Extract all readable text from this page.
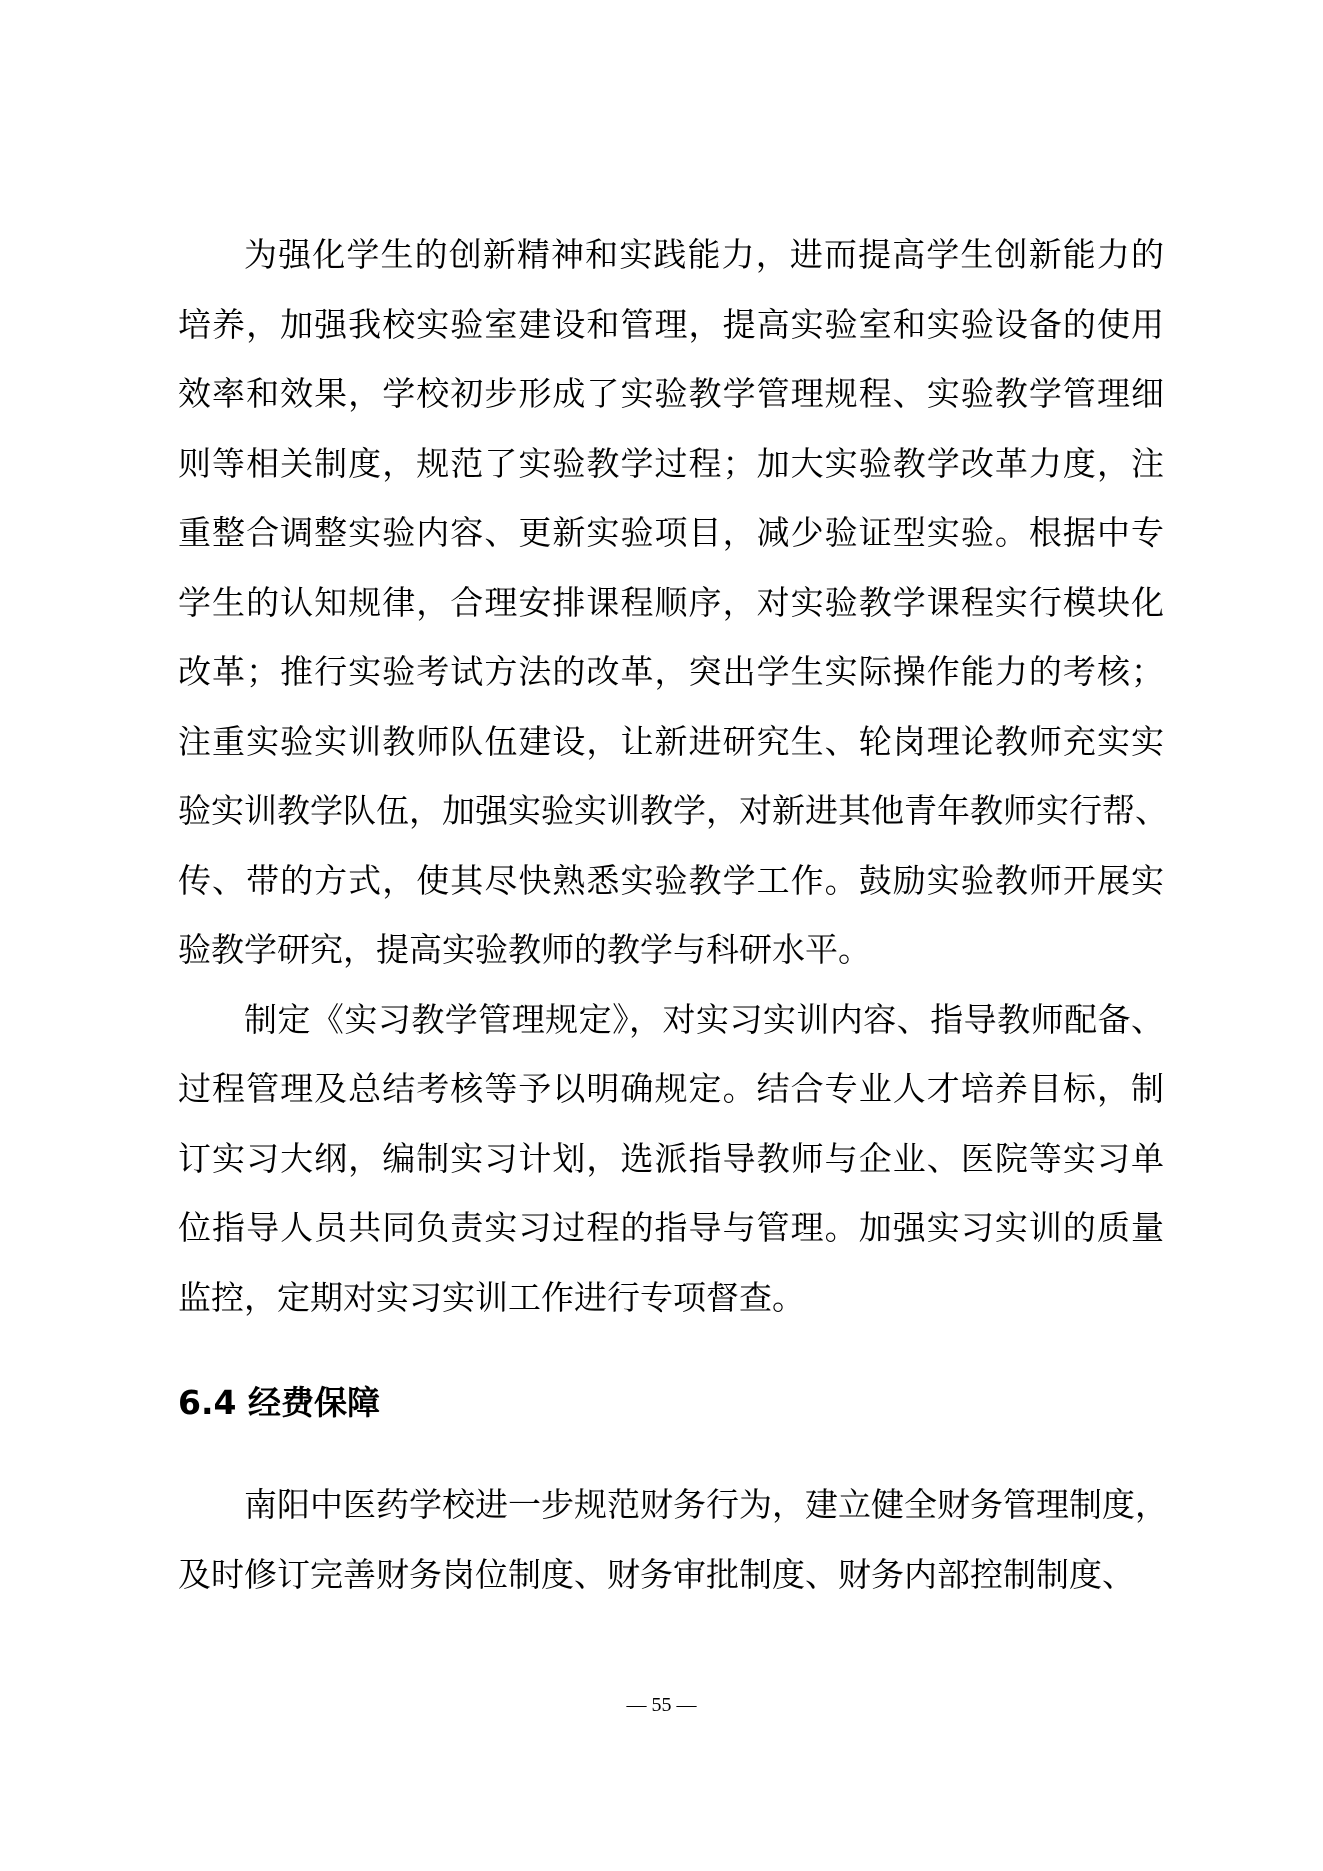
为强化学生的创新精神和实践能力，进而提高学生创新能力的
培养，加强我校实验室建设和管理，提高实验室和实验设备的使用
效率和效果，学校初步形成了实验教学管理规程、实验教学管理细
则等相关制度，规范了实验教学过程；加大实验教学改革力度，注
重整合调整实验内容、更新实验项目，减少验证型实验。根据中专
学生的认知规律，合理安排课程顺序，对实验教学课程实行模块化
改革；推行实验考试方法的改革，突出学生实际操作能力的考核；
注重实验实训教师队伍建设，让新进研究生、轮岗理论教师充实实
验实训教学队伍，加强实验实训教学，对新进其他青年教师实行帮、
传、带的方式，使其尽快熟悉实验教学工作。鼓励实验教师开展实
验教学研究，提高实验教师的教学与科研水平。
制定《实习教学管理规定》，对实习实训内容、指导教师配备、
过程管理及总结考核等予以明确规定。结合专业人才培养目标，制
订实习大纲，编制实习计划，选派指导教师与企业、医院等实习单
位指导人员共同负责实习过程的指导与管理。加强实习实训的质量
监控，定期对实习实训工作进行专项督查。
6.4 经费保障
南阳中医药学校进一步规范财务行为，建立健全财务管理制度，
及时修订完善财务岗位制度、财务审批制度、财务内部控制制度、
— 55 —
